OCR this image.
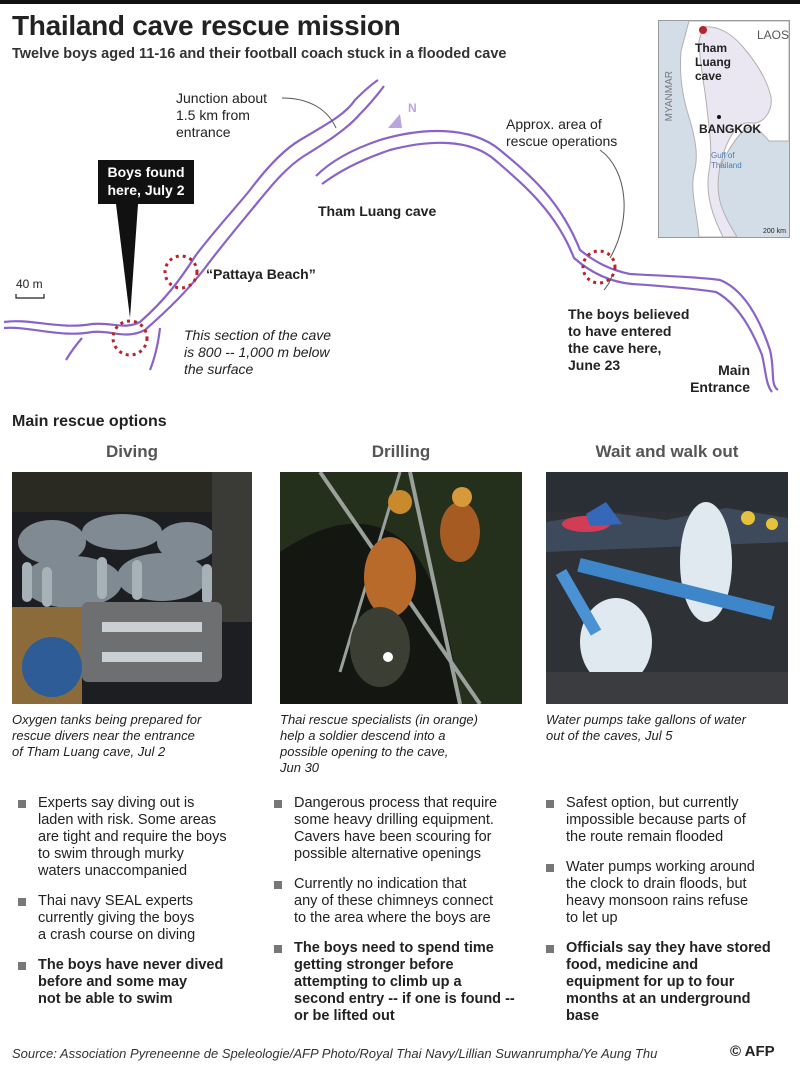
Thailand cave rescue mission
Twelve boys aged 11-16 and their football coach stuck in a flooded cave
Junction about
1.5 km from
entrance
N
Approx. area of
rescue operations
Tham Luang cave
Boys found
here, July 2
“Pattaya Beach”
40 m
This section of the cave
is 800 -- 1,000 m below
the surface
The boys believed
to have entered
the cave here,
June 23	Main
Entrance
LAOS
MYANMAR
Tham
Luang
cave
BANGKOK
Gulf of
Thailand
200 km
Main rescue options
Diving	Drilling	Wait and walk out
Oxygen tanks being prepared for
rescue divers near the entrance
of Tham Luang cave, Jul 2
Thai rescue specialists (in orange)
help a soldier descend into a
possible opening to the cave,
Jun 30
Water pumps take gallons of water
out of the caves, Jul 5
Experts say diving out is
laden with risk. Some areas
are tight and require the boys
to swim through murky
waters unaccompanied
Thai navy SEAL experts
currently giving the boys
a crash course on diving
The boys have never dived
before and some may
not be able to swim
Dangerous process that require
some heavy drilling equipment.
Cavers have been scouring for
possible alternative openings
Currently no indication that
any of these chimneys connect
to the area where the boys are
The boys need to spend time
getting stronger before
attempting to climb up a
second entry -- if one is found --
or be lifted out
Safest option, but currently
impossible because parts of
the route remain flooded
Water pumps working around
the clock to drain floods, but
heavy monsoon rains refuse
to let up
Officials say they have stored
food, medicine and
equipment for up to four
months at an underground
base
Source: Association Pyreneenne de Speleologie/AFP Photo/Royal Thai Navy/Lillian Suwanrumpha/Ye Aung Thu	© AFP
